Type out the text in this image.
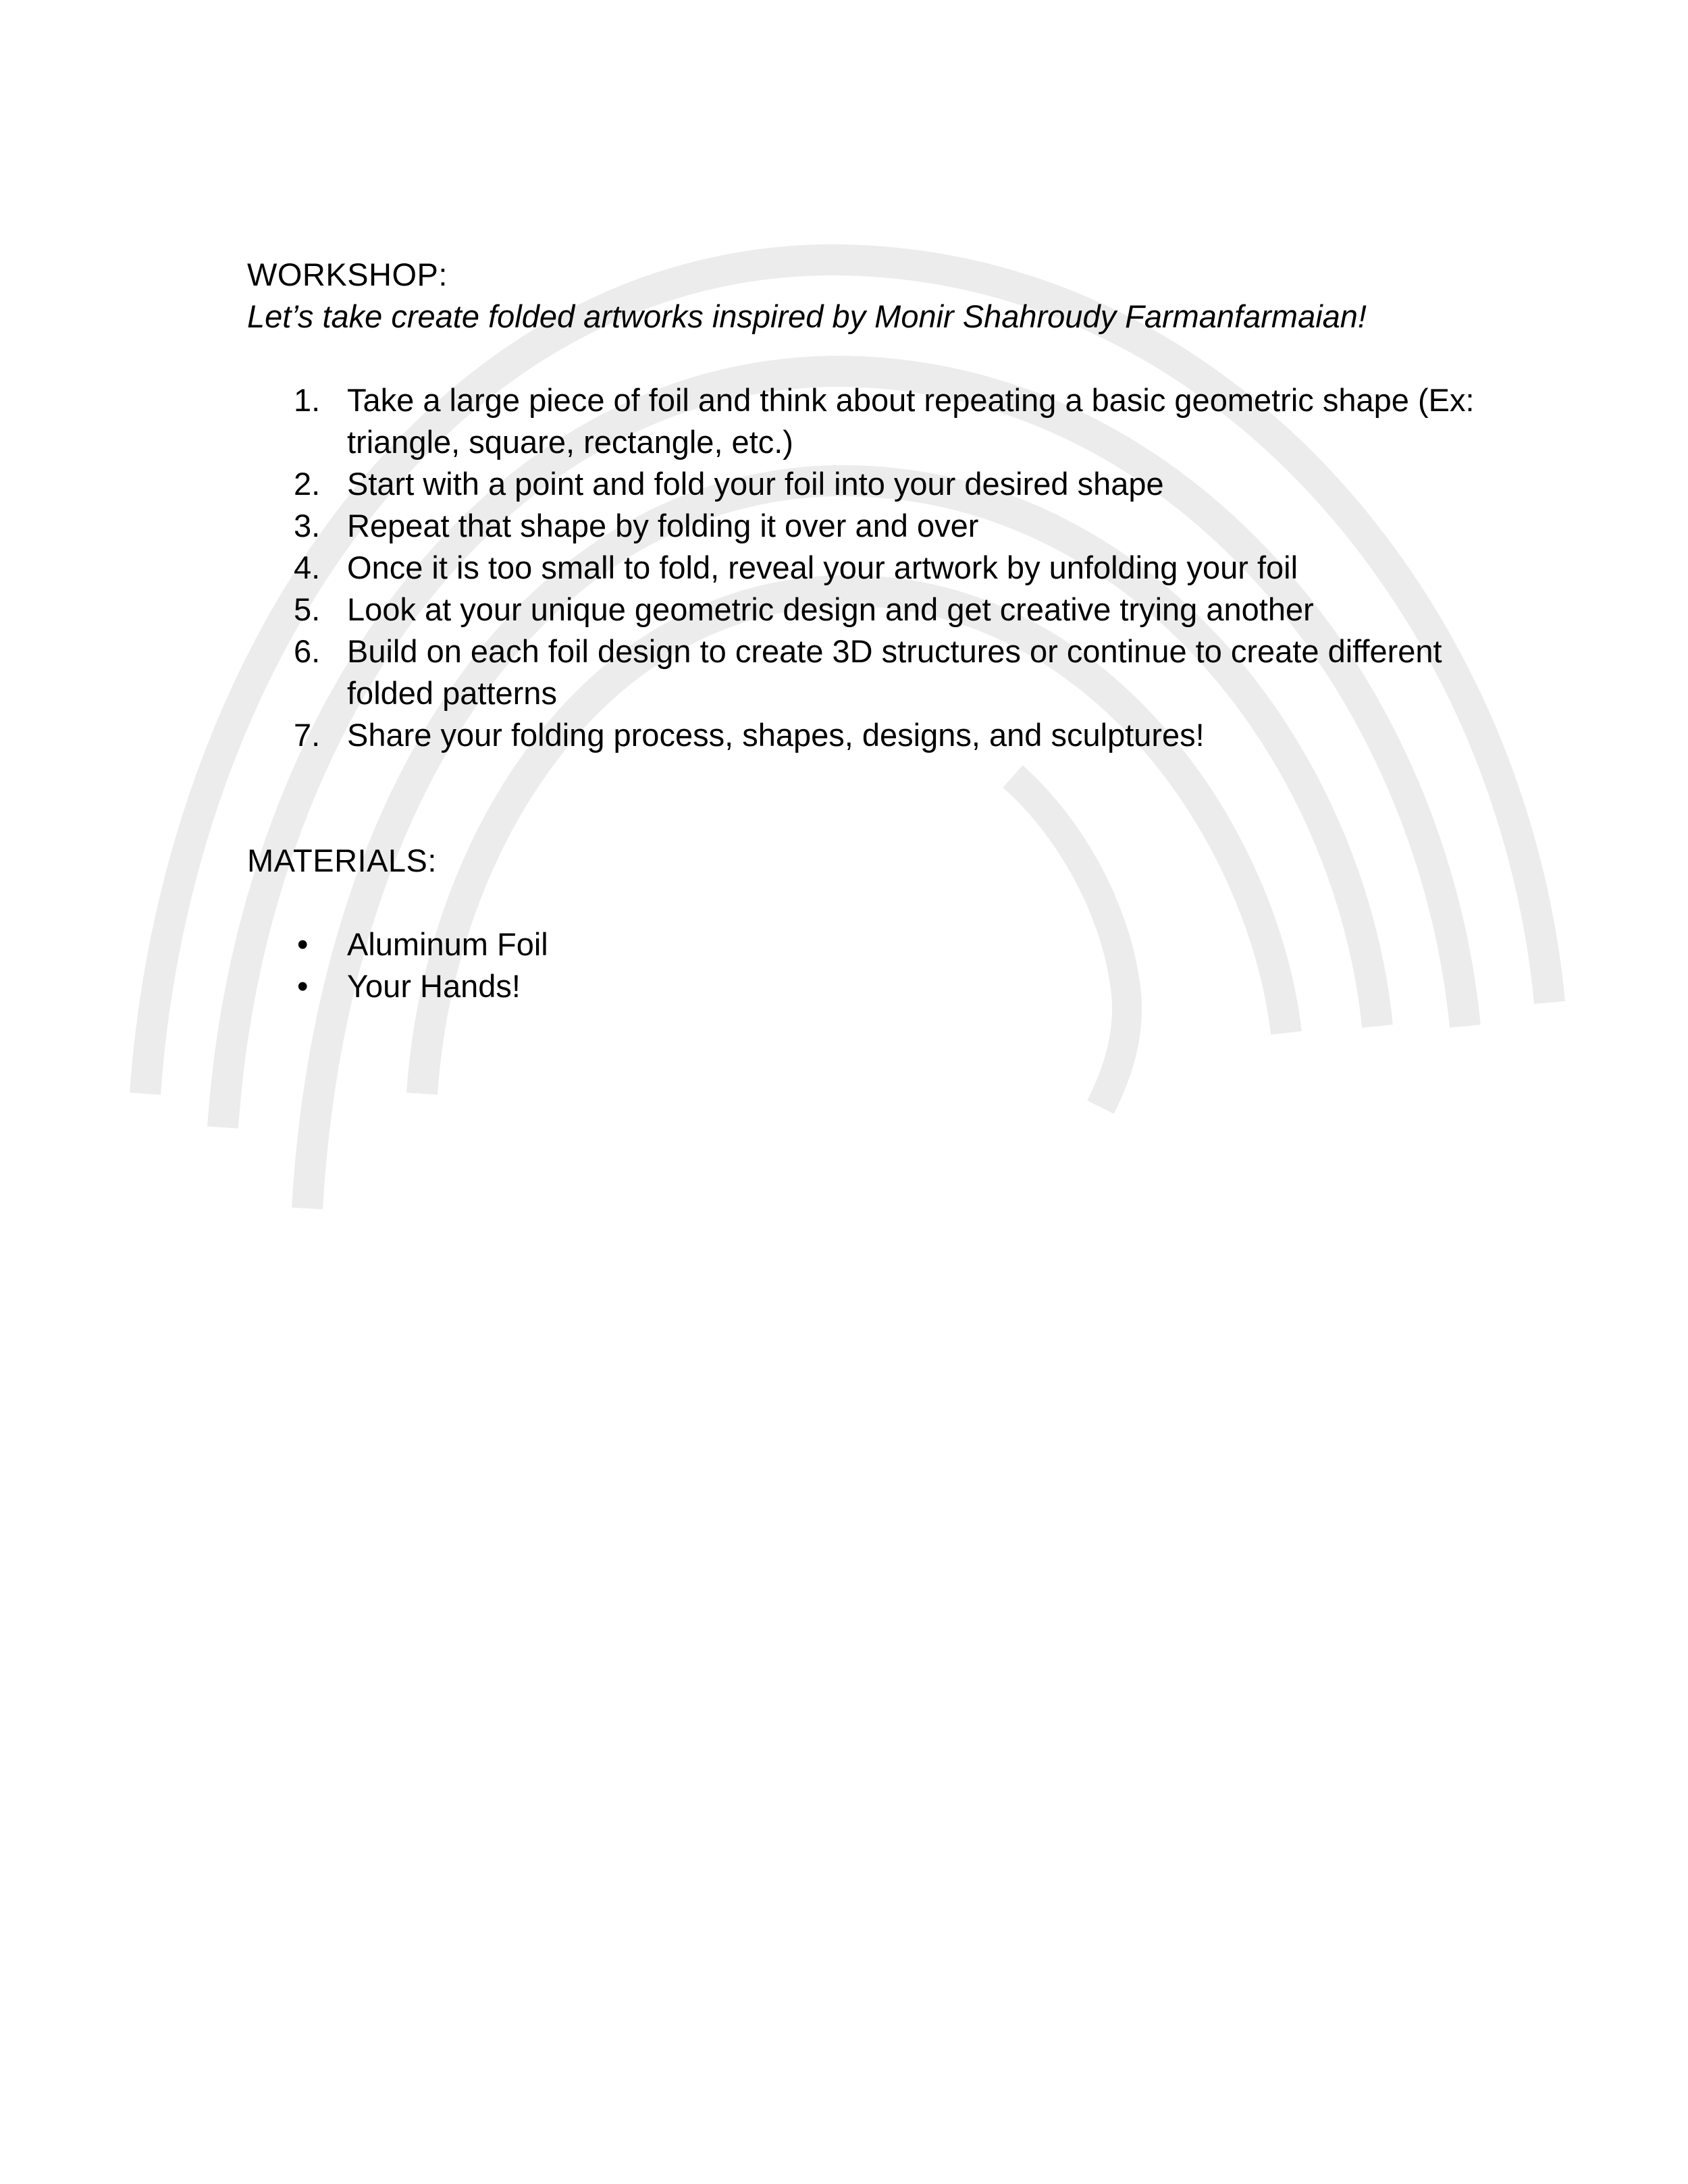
WORKSHOP:

Let’s take create folded artworks inspired by Monir Shahroudy Farmanfarmaian!

1. Take a large piece of foil and think about repeating a basic geometric shape (Ex: triangle, square, rectangle, etc.)
2. Start with a point and fold your foil into your desired shape
3. Repeat that shape by folding it over and over
4. Once it is too small to fold, reveal your artwork by unfolding your foil
5. Look at your unique geometric design and get creative trying another
6. Build on each foil design to create 3D structures or continue to create different folded patterns
7. Share your folding process, shapes, designs, and sculptures!
MATERIALS:
• Aluminum Foil
• Your Hands!
